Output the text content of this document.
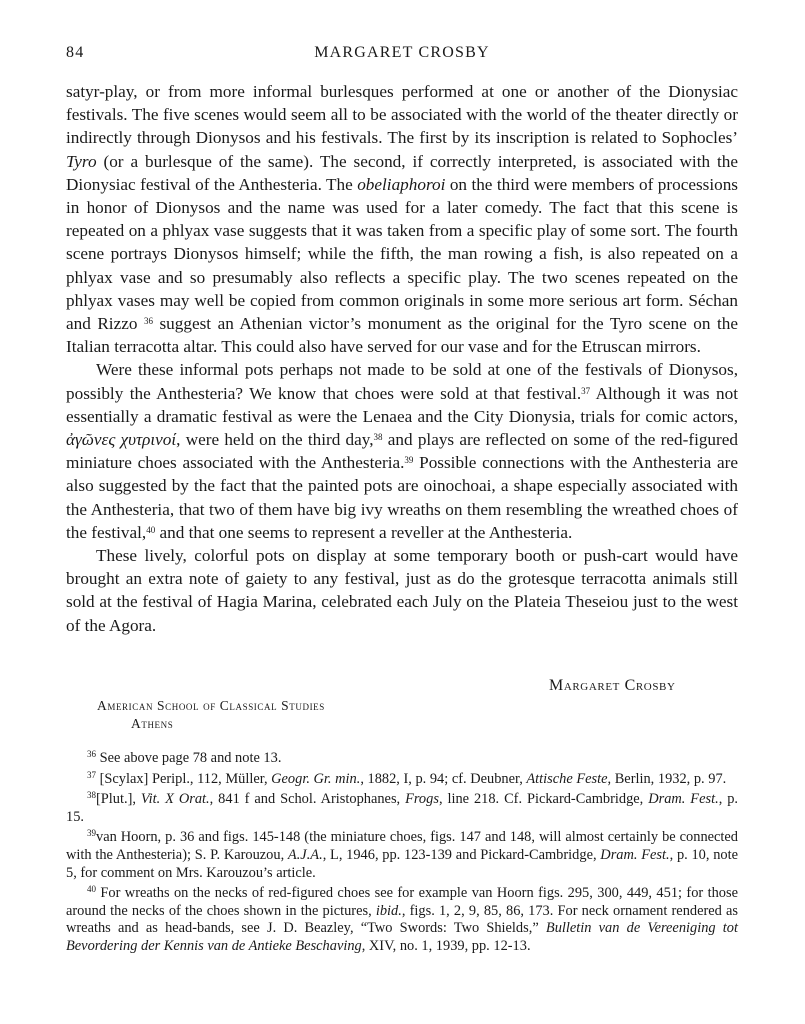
84	MARGARET CROSBY

satyr-play, or from more informal burlesques performed at one or another of the Dionysiac festivals. The five scenes would seem all to be associated with the world of the theater directly or indirectly through Dionysos and his festivals. The first by its inscription is related to Sophocles’ Tyro (or a burlesque of the same). The second, if correctly interpreted, is associated with the Dionysiac festival of the Anthesteria. The obeliaphoroi on the third were members of processions in honor of Dionysos and the name was used for a later comedy. The fact that this scene is repeated on a phlyax vase suggests that it was taken from a specific play of some sort. The fourth scene portrays Dionysos himself; while the fifth, the man rowing a fish, is also repeated on a phlyax vase and so presumably also reflects a specific play. The two scenes repeated on the phlyax vases may well be copied from common originals in some more serious art form. Séchan and Rizzo $^{36}$ suggest an Athenian victor’s monument as the original for the Tyro scene on the Italian terracotta altar. This could also have served for our vase and for the Etruscan mirrors.

Were these informal pots perhaps not made to be sold at one of the festivals of Dionysos, possibly the Anthesteria? We know that choes were sold at that festival.$^{37}$ Although it was not essentially a dramatic festival as were the Lenaea and the City Dionysia, trials for comic actors, ἀγῶνες χυτρινοί, were held on the third day,$^{38}$ and plays are reflected on some of the red-figured miniature choes associated with the Anthesteria.$^{39}$ Possible connections with the Anthesteria are also suggested by the fact that the painted pots are oinochoai, a shape especially associated with the Anthesteria, that two of them have big ivy wreaths on them resembling the wreathed choes of the festival,$^{40}$ and that one seems to represent a reveller at the Anthesteria.

These lively, colorful pots on display at some temporary booth or push-cart would have brought an extra note of gaiety to any festival, just as do the grotesque terracotta animals still sold at the festival of Hagia Marina, celebrated each July on the Plateia Theseiou just to the west of the Agora.

Margaret Crosby
American School of Classical Studies
Athens

$^{36}$ See above page 78 and note 13.

$^{37}$ [Scylax] Peripl., 112, Müller, Geogr. Gr. min., 1882, I, p. 94; cf. Deubner, Attische Feste, Berlin, 1932, p. 97.

$^{38}$[Plut.], Vit. X Orat., 841 f and Schol. Aristophanes, Frogs, line 218. Cf. Pickard-Cambridge, Dram. Fest., p. 15.

$^{39}$van Hoorn, p. 36 and figs. 145-148 (the miniature choes, figs. 147 and 148, will almost certainly be connected with the Anthesteria); S. P. Karouzou, A.J.A., L, 1946, pp. 123-139 and Pickard-Cambridge, Dram. Fest., p. 10, note 5, for comment on Mrs. Karouzou’s article.

$^{40}$ For wreaths on the necks of red-figured choes see for example van Hoorn figs. 295, 300, 449, 451; for those around the necks of the choes shown in the pictures, ibid., figs. 1, 2, 9, 85, 86, 173. For neck ornament rendered as wreaths and as head-bands, see J. D. Beazley, “Two Swords: Two Shields,” Bulletin van de Vereeniging tot Bevordering der Kennis van de Antieke Beschaving, XIV, no. 1, 1939, pp. 12-13.
